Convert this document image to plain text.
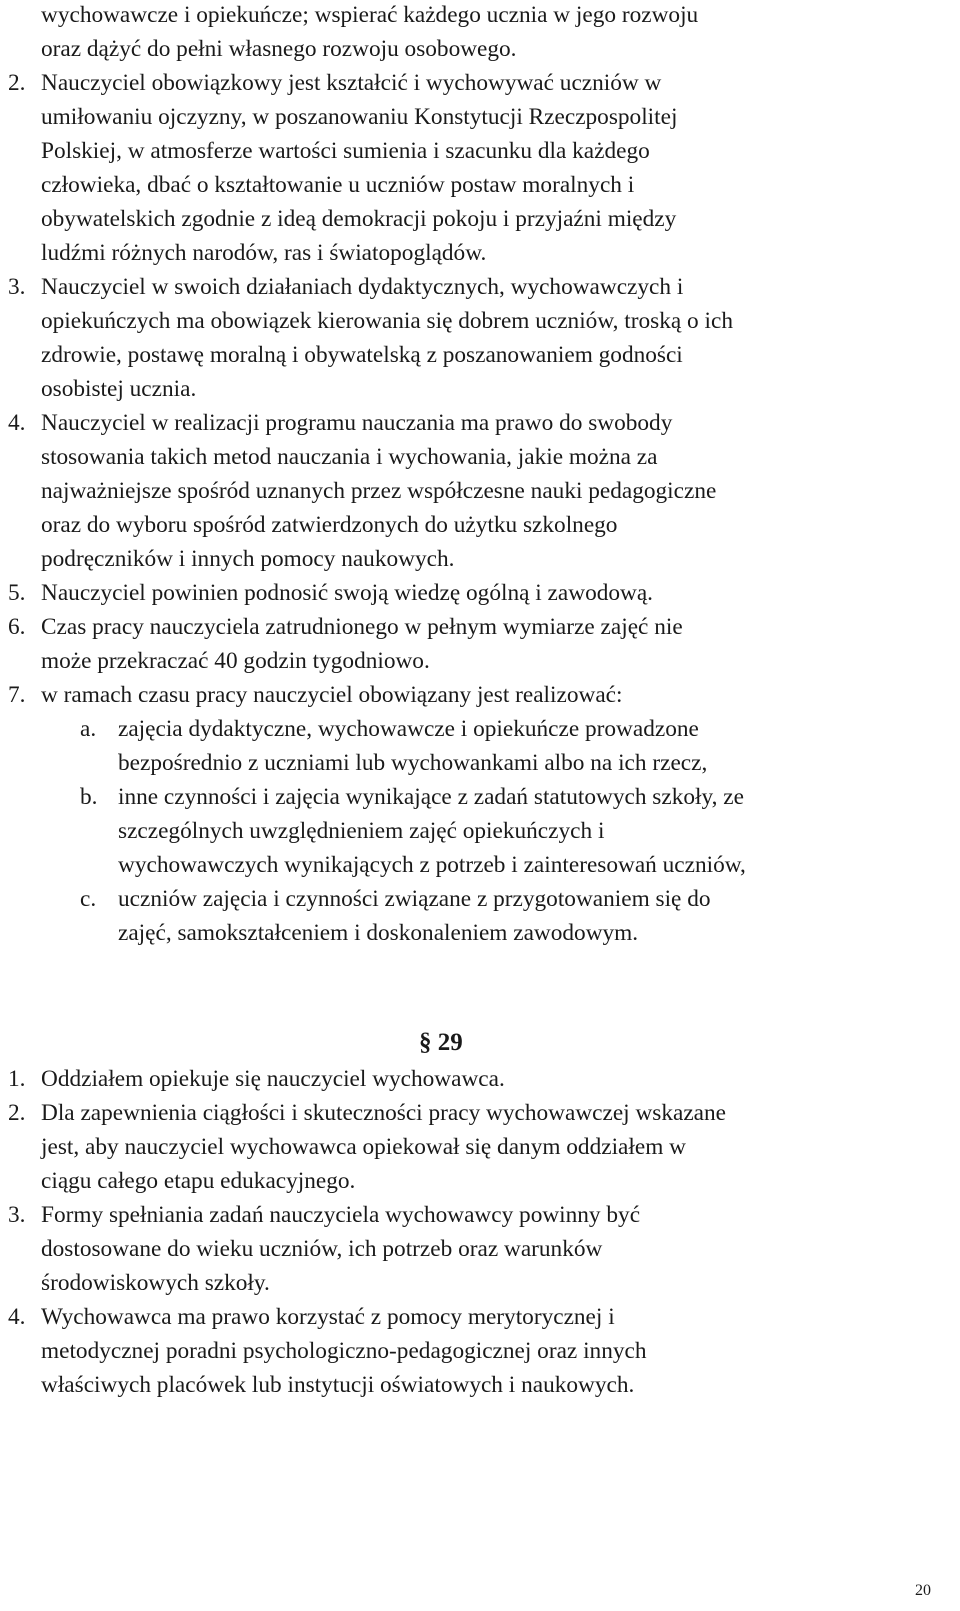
wychowawcze i opiekuńcze; wspierać każdego ucznia w jego rozwoju

oraz dążyć do pełni własnego rozwoju osobowego.

2. Nauczyciel obowiązkowy jest kształcić i wychowywać uczniów w

umiłowaniu ojczyzny, w poszanowaniu Konstytucji Rzeczpospolitej

Polskiej, w atmosferze wartości sumienia i szacunku dla każdego

człowieka, dbać o kształtowanie u uczniów postaw moralnych i

obywatelskich zgodnie z ideą demokracji pokoju i przyjaźni między

ludźmi różnych narodów, ras i światopoglądów.

3. Nauczyciel w swoich działaniach dydaktycznych, wychowawczych i

opiekuńczych ma obowiązek kierowania się dobrem uczniów, troską o ich

zdrowie, postawę moralną i obywatelską z poszanowaniem godności

osobistej ucznia.

4. Nauczyciel w realizacji programu nauczania ma prawo do swobody

stosowania takich metod nauczania i wychowania, jakie można za

najważniejsze spośród uznanych przez współczesne nauki pedagogiczne

oraz do wyboru spośród zatwierdzonych do użytku szkolnego

podręczników i innych pomocy naukowych.

5. Nauczyciel powinien podnosić swoją wiedzę ogólną i zawodową.

6. Czas pracy nauczyciela zatrudnionego w pełnym wymiarze zajęć nie

może przekraczać 40 godzin tygodniowo.

7. w ramach czasu pracy nauczyciel obowiązany jest realizować:

a. zajęcia dydaktyczne, wychowawcze i opiekuńcze prowadzone

bezpośrednio z uczniami lub wychowankami albo na ich rzecz,

b. inne czynności i zajęcia wynikające z zadań statutowych szkoły, ze

szczególnych uwzględnieniem zajęć opiekuńczych i

wychowawczych wynikających z potrzeb i zainteresowań uczniów,

c. uczniów zajęcia i czynności związane z przygotowaniem się do

zajęć, samokształceniem i doskonaleniem zawodowym.

§ 29
1. Oddziałem opiekuje się nauczyciel wychowawca.

2. Dla zapewnienia ciągłości i skuteczności pracy wychowawczej wskazane

jest, aby nauczyciel wychowawca opiekował się danym oddziałem w

ciągu całego etapu edukacyjnego.

3. Formy spełniania zadań nauczyciela wychowawcy powinny być

dostosowane do wieku uczniów, ich potrzeb oraz warunków

środowiskowych szkoły.

4. Wychowawca ma prawo korzystać z pomocy merytorycznej i

metodycznej poradni psychologiczno-pedagogicznej oraz innych

właściwych placówek lub instytucji oświatowych i naukowych.

20
